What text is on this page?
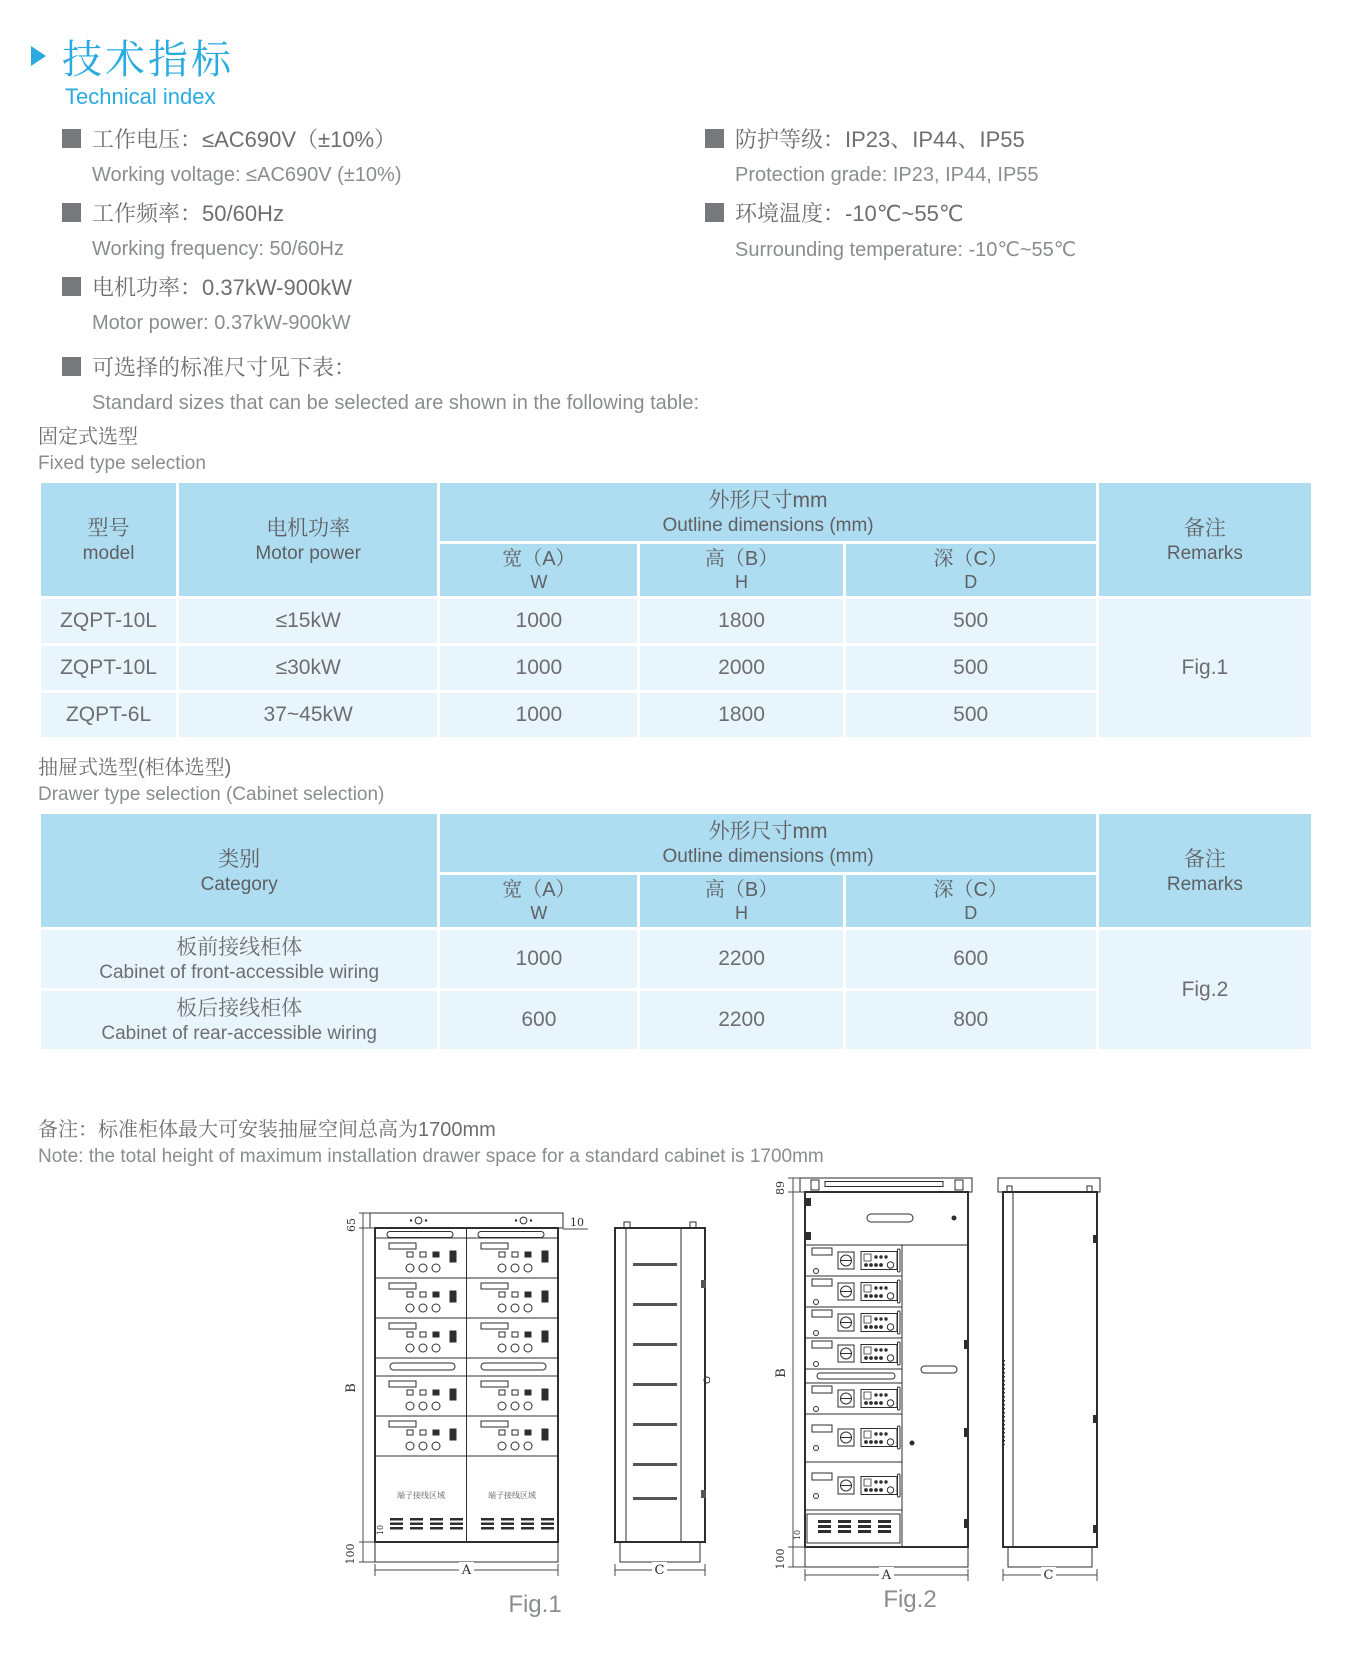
技术指标
Technical index
工作电压：≤AC690V（±10%）
Working voltage: ≤AC690V (±10%)
工作频率：50/60Hz
Working frequency: 50/60Hz
电机功率：0.37kW-900kW
Motor power: 0.37kW-900kW
可选择的标准尺寸见下表：
Standard sizes that can be selected are shown in the following table:
防护等级：IP23、IP44、IP55
Protection grade: IP23, IP44, IP55
环境温度：-10℃~55℃
Surrounding temperature: -10℃~55℃
固定式选型
Fixed type selection
型号
model

电机功率
Motor power

外形尺寸mm
Outline dimensions (mm)	备注
Remarks

宽（A）
W

高（B）
H

深（C）
D

ZQPT-10L	≤15kW	1000	1800	500	Fig.1
ZQPT-10L	≤30kW	1000	2000	500	
ZQPT-6L	37~45kW	1000	1800	500	
抽屉式选型(柜体选型)
Drawer type selection (Cabinet selection)
类别
Category

外形尺寸mm
Outline dimensions (mm)	备注
Remarks

宽（A）
W

高（B）
H

深（C）
D

板前接线柜体
Cabinet of front-accessible wiring	1000	2200	600	Fig.2

板后接线柜体
Cabinet of rear-accessible wiring	600	2200	800	
备注：标准柜体最大可安装抽屉空间总高为1700mm
Note: the total height of maximum installation drawer space for a standard cabinet is 1700mm
端子接线区域	端子接线区域
65
B
100
10
10
A	C
Fig.1
89
B
100
10
A	C
Fig.2
